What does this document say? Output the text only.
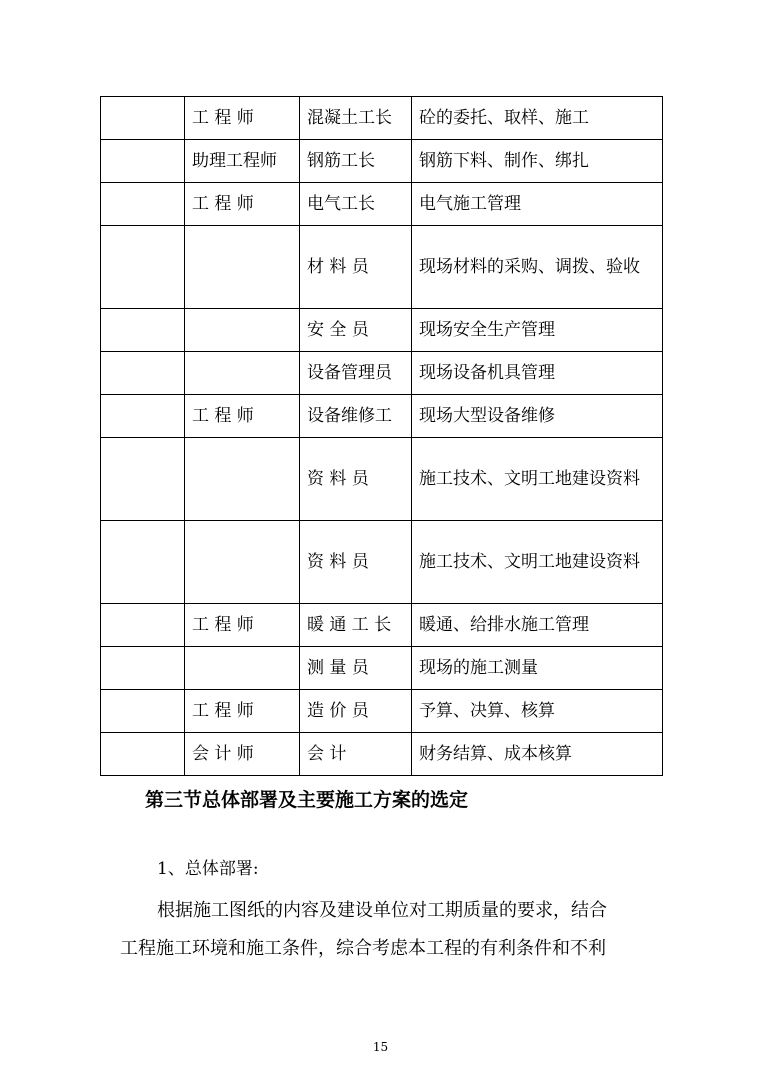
	工 程 师	混凝土工长	砼的委托、取样、施工
	助理工程师	钢筋工长	钢筋下料、制作、绑扎
	工 程 师	电气工长	电气施工管理
		材 料 员	现场材料的采购、调拨、验收
		安 全 员	现场安全生产管理
		设备管理员	现场设备机具管理
	工 程 师	设备维修工	现场大型设备维修
		资 料 员	施工技术、文明工地建设资料
		资 料 员	施工技术、文明工地建设资料
	工 程 师	暖 通 工 长	暖通、给排水施工管理
		测 量 员	现场的施工测量
	工 程 师	造 价 员	予算、决算、核算
	会 计 师	会 计	财务结算、成本核算
第三节总体部署及主要施工方案的选定
1、总体部署:
根据施工图纸的内容及建设单位对工期质量的要求，结合
工程施工环境和施工条件，综合考虑本工程的有利条件和不利
15
